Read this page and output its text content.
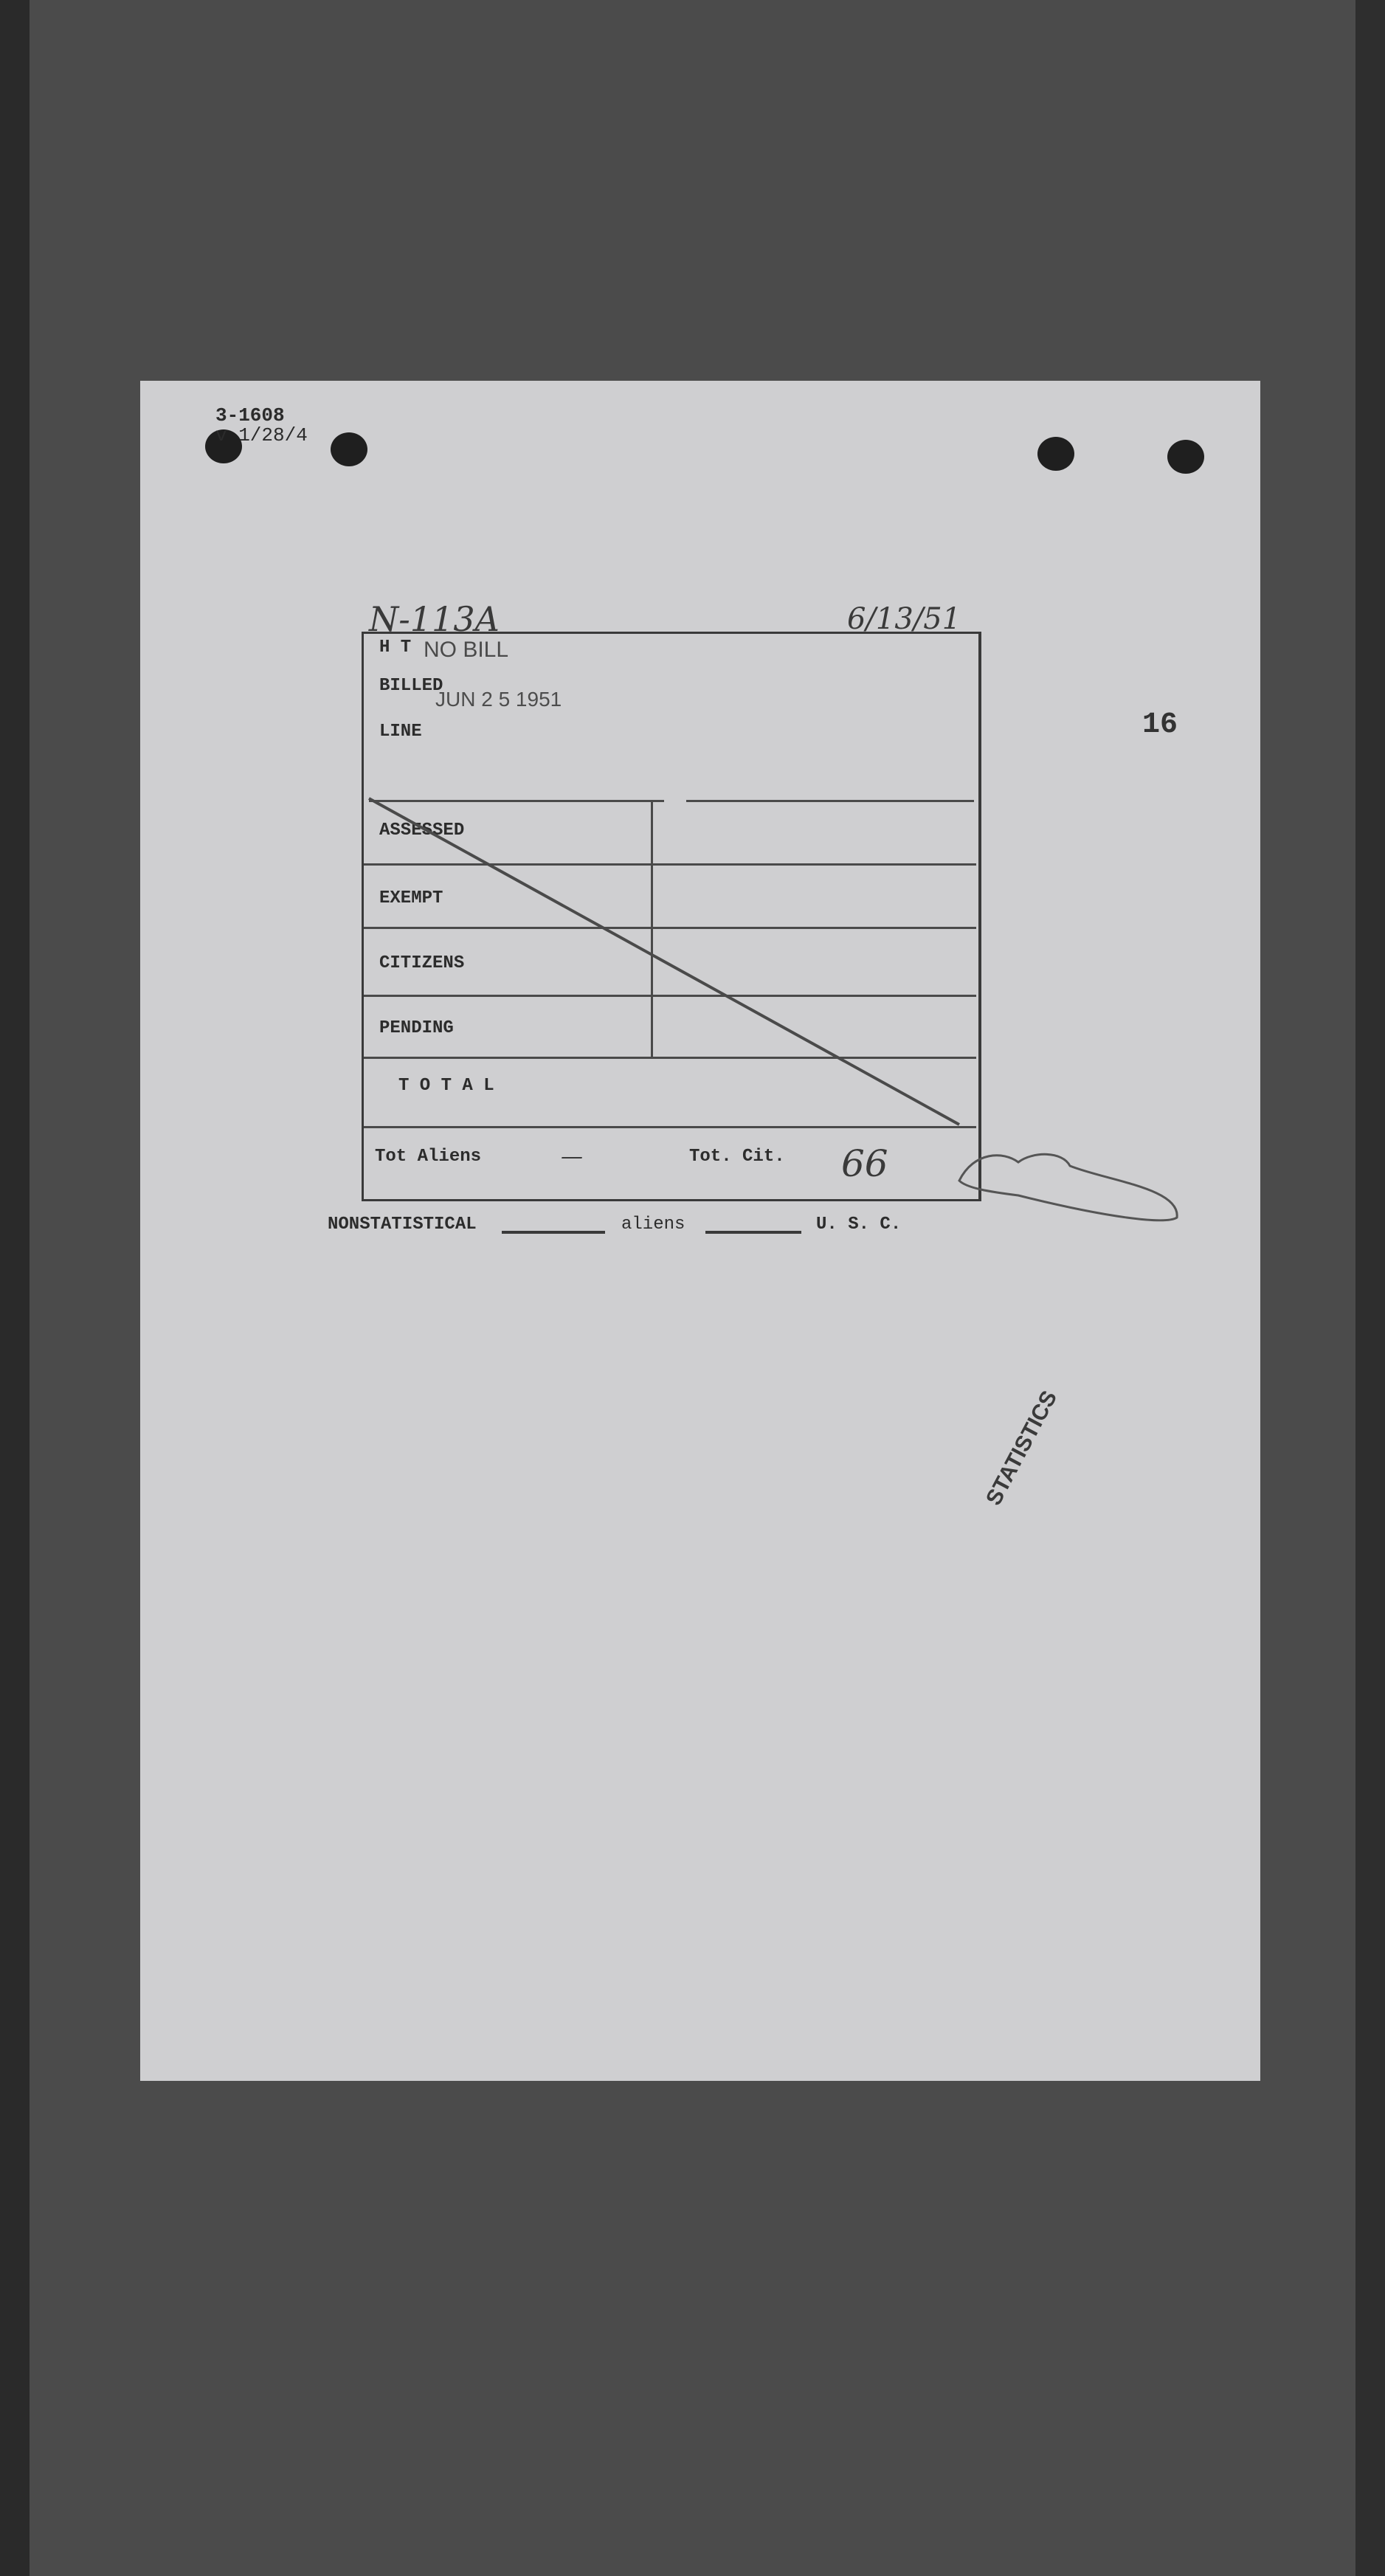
3-1608
v 1/28/4
N-113A	6/13/51
16
H T NO BILL
BILLED
JUN 2 5 1951
LINE
ASSESSED
EXEMPT
CITIZENS
PENDING
T O T A L
Tot Aliens	—	Tot. Cit. 66
NONSTATISTICAL	aliens	U. S. C.
STATISTICS
